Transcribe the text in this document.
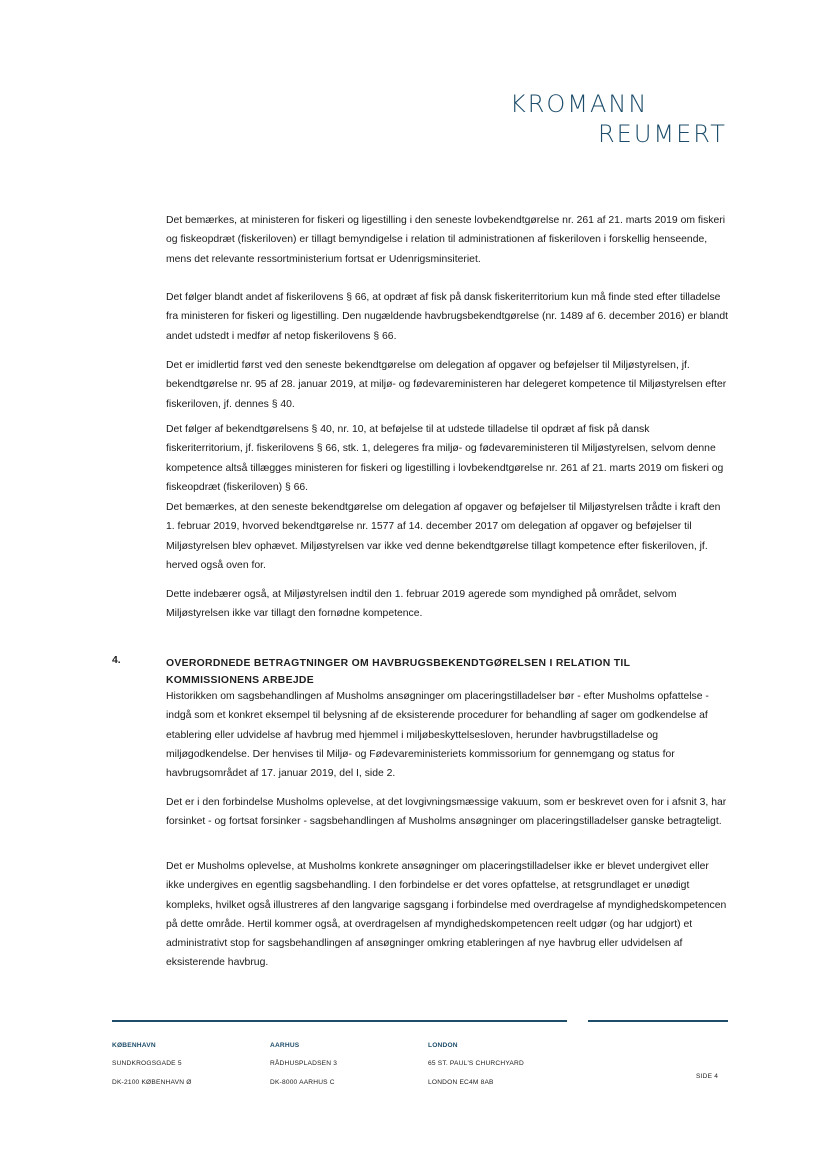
KROMANN
REUMERT

Det bemærkes, at ministeren for fiskeri og ligestilling i den seneste lovbekendtgørelse nr. 261 af 21. marts 2019 om fiskeri og fiskeopdræt (fiskeriloven) er tillagt bemyndigelse i relation til administrationen af fiskeriloven i forskellig henseende, mens det relevante ressortministerium fortsat er Udenrigsminsiteriet.

Det følger blandt andet af fiskerilovens § 66, at opdræt af fisk på dansk fiskeriterritorium kun må finde sted efter tilladelse fra ministeren for fiskeri og ligestilling. Den nugældende havbrugsbekendtgørelse (nr. 1489 af 6. december 2016) er blandt andet udstedt i medfør af netop fiskerilovens § 66.

Det er imidlertid først ved den seneste bekendtgørelse om delegation af opgaver og beføjelser til Miljøstyrelsen, jf. bekendtgørelse nr. 95 af 28. januar 2019, at miljø- og fødevareministeren har delegeret kompetence til Miljøstyrelsen efter fiskeriloven, jf. dennes § 40.

Det følger af bekendtgørelsens § 40, nr. 10, at beføjelse til at udstede tilladelse til opdræt af fisk på dansk fiskeriterritorium, jf. fiskerilovens § 66, stk. 1, delegeres fra miljø- og fødevareministeren til Miljøstyrelsen, selvom denne kompetence altså tillægges ministeren for fiskeri og ligestilling i lovbekendtgørelse nr. 261 af 21. marts 2019 om fiskeri og fiskeopdræt (fiskeriloven) § 66.

Det bemærkes, at den seneste bekendtgørelse om delegation af opgaver og beføjelser til Miljøstyrelsen trådte i kraft den 1. februar 2019, hvorved bekendtgørelse nr. 1577 af 14. december 2017 om delegation af opgaver og beføjelser til Miljøstyrelsen blev ophævet. Miljøstyrelsen var ikke ved denne bekendtgørelse tillagt kompetence efter fiskeriloven, jf. herved også oven for.

Dette indebærer også, at Miljøstyrelsen indtil den 1. februar 2019 agerede som myndighed på området, selvom Miljøstyrelsen ikke var tillagt den fornødne kompetence.

4.	OVERORDNEDE BETRAGTNINGER OM HAVBRUGSBEKENDTGØRELSEN I RELATION TIL KOMMISSIONENS ARBEJDE

Historikken om sagsbehandlingen af Musholms ansøgninger om placeringstilladelser bør - efter Musholms opfattelse - indgå som et konkret eksempel til belysning af de eksisterende procedurer for behandling af sager om godkendelse af etablering eller udvidelse af havbrug med hjemmel i miljøbeskyttelsesloven, herunder havbrugstilladelse og miljøgodkendelse. Der henvises til Miljø- og Fødevareministeriets kommissorium for gennemgang og status for havbrugsområdet af 17. januar 2019, del I, side 2.

Det er i den forbindelse Musholms oplevelse, at det lovgivningsmæssige vakuum, som er beskrevet oven for i afsnit 3, har forsinket - og fortsat forsinker - sagsbehandlingen af Musholms ansøgninger om placeringstilladelser ganske betragteligt.

Det er Musholms oplevelse, at Musholms konkrete ansøgninger om placeringstilladelser ikke er blevet undergivet eller ikke undergives en egentlig sagsbehandling. I den forbindelse er det vores opfattelse, at retsgrundlaget er unødigt kompleks, hvilket også illustreres af den langvarige sagsgang i forbindelse med overdragelse af myndighedskompetencen på dette område. Hertil kommer også, at overdragelsen af myndighedskompetencen reelt udgør (og har udgjort) et administrativt stop for sagsbehandlingen af ansøgninger omkring etableringen af nye havbrug eller udvidelsen af eksisterende havbrug.

KØBENHAVN
SUNDKROGSGADE 5
DK-2100 KØBENHAVN Ø
AARHUS
RÅDHUSPLADSEN 3
DK-8000 AARHUS C
LONDON
65 ST. PAUL'S CHURCHYARD
LONDON EC4M 8AB
SIDE 4
